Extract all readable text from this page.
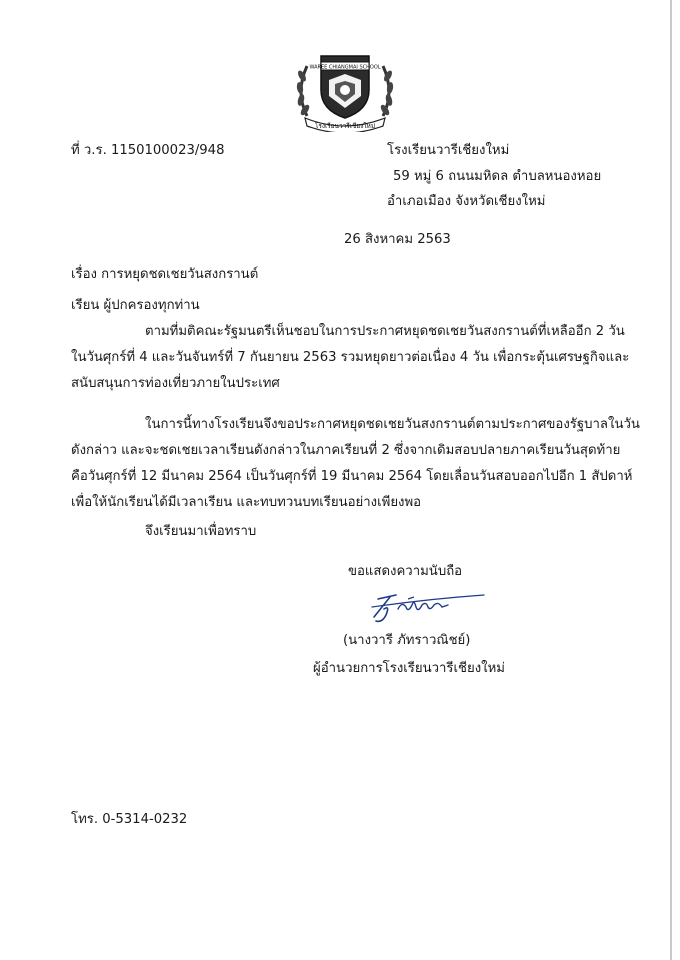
WAREE CHIANGMAI SCHOOL
โรงเรียนวารีเชียงใหม่
ที่ ว.ร. 1150100023/948	โรงเรียนวารีเชียงใหม่
59 หมู่ 6 ถนนมหิดล ตำบลหนองหอย
อำเภอเมือง จังหวัดเชียงใหม่
26 สิงหาคม 2563
เรื่อง การหยุดชดเชยวันสงกรานต์
เรียน ผู้ปกครองทุกท่าน
ตามที่มติคณะรัฐมนตรีเห็นชอบในการประกาศหยุดชดเชยวันสงกรานต์ที่เหลืออีก 2 วัน
ในวันศุกร์ที่ 4 และวันจันทร์ที่ 7 กันยายน 2563 รวมหยุดยาวต่อเนื่อง 4 วัน เพื่อกระตุ้นเศรษฐกิจและ
สนับสนุนการท่องเที่ยวภายในประเทศ
ในการนี้ทางโรงเรียนจึงขอประกาศหยุดชดเชยวันสงกรานต์ตามประกาศของรัฐบาลในวัน
ดังกล่าว และจะชดเชยเวลาเรียนดังกล่าวในภาคเรียนที่ 2 ซึ่งจากเดิมสอบปลายภาคเรียนวันสุดท้าย
คือวันศุกร์ที่ 12 มีนาคม 2564 เป็นวันศุกร์ที่ 19 มีนาคม 2564 โดยเลื่อนวันสอบออกไปอีก 1 สัปดาห์
เพื่อให้นักเรียนได้มีเวลาเรียน และทบทวนบทเรียนอย่างเพียงพอ
จึงเรียนมาเพื่อทราบ
ขอแสดงความนับถือ
(นางวารี ภัทราวณิชย์)
ผู้อำนวยการโรงเรียนวารีเชียงใหม่
โทร. 0-5314-0232
